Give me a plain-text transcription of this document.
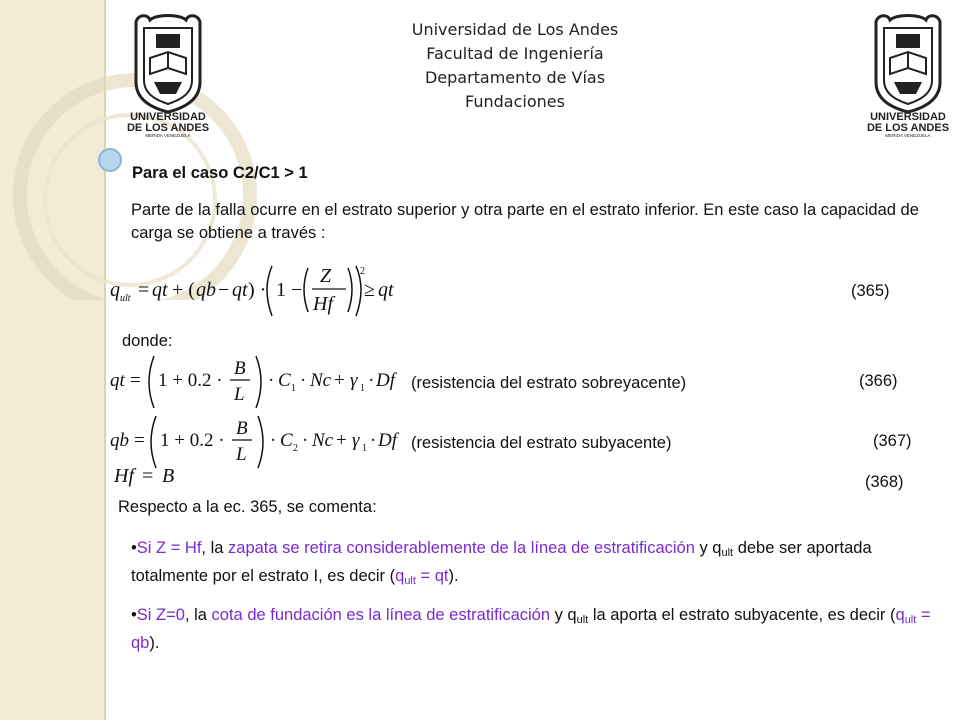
UNIVERSIDAD
DE LOS ANDES
MERIDA VENEZUELA
UNIVERSIDAD
DE LOS ANDES
MERIDA VENEZUELA
Universidad de Los Andes
Facultad de Ingeniería
Departamento de Vías
Fundaciones
Para el caso C2/C1 > 1
Parte de la falla ocurre en el estrato superior y otra parte en el estrato inferior. En este caso la capacidad de carga se obtiene a través :
q ult = qt + ( qb − qt ) · 1 −
Z
Hf
2
≥ qt	(365)
donde:
qt = 1 + 0.2 ·
B
L
· C 1 · Nc + γ 1 · Df (resistencia del estrato sobreyacente)	(366)
qb = 1 + 0.2 ·
B
L
· C 2 · Nc + γ 1 · Df (resistencia del estrato subyacente)	(367)
Hf = B	(368)
Respecto a la ec. 365, se comenta:
•Si Z = Hf, la zapata se retira considerablemente de la línea de estratificación y $q_{ult}$ debe ser aportada totalmente por el estrato I, es decir $(q_{ult} = qt)$.
•Si Z=0, la cota de fundación es la línea de estratificación y $q_{ult}$ la aporta el estrato subyacente, es decir $(q_{ult} = qb)$.
